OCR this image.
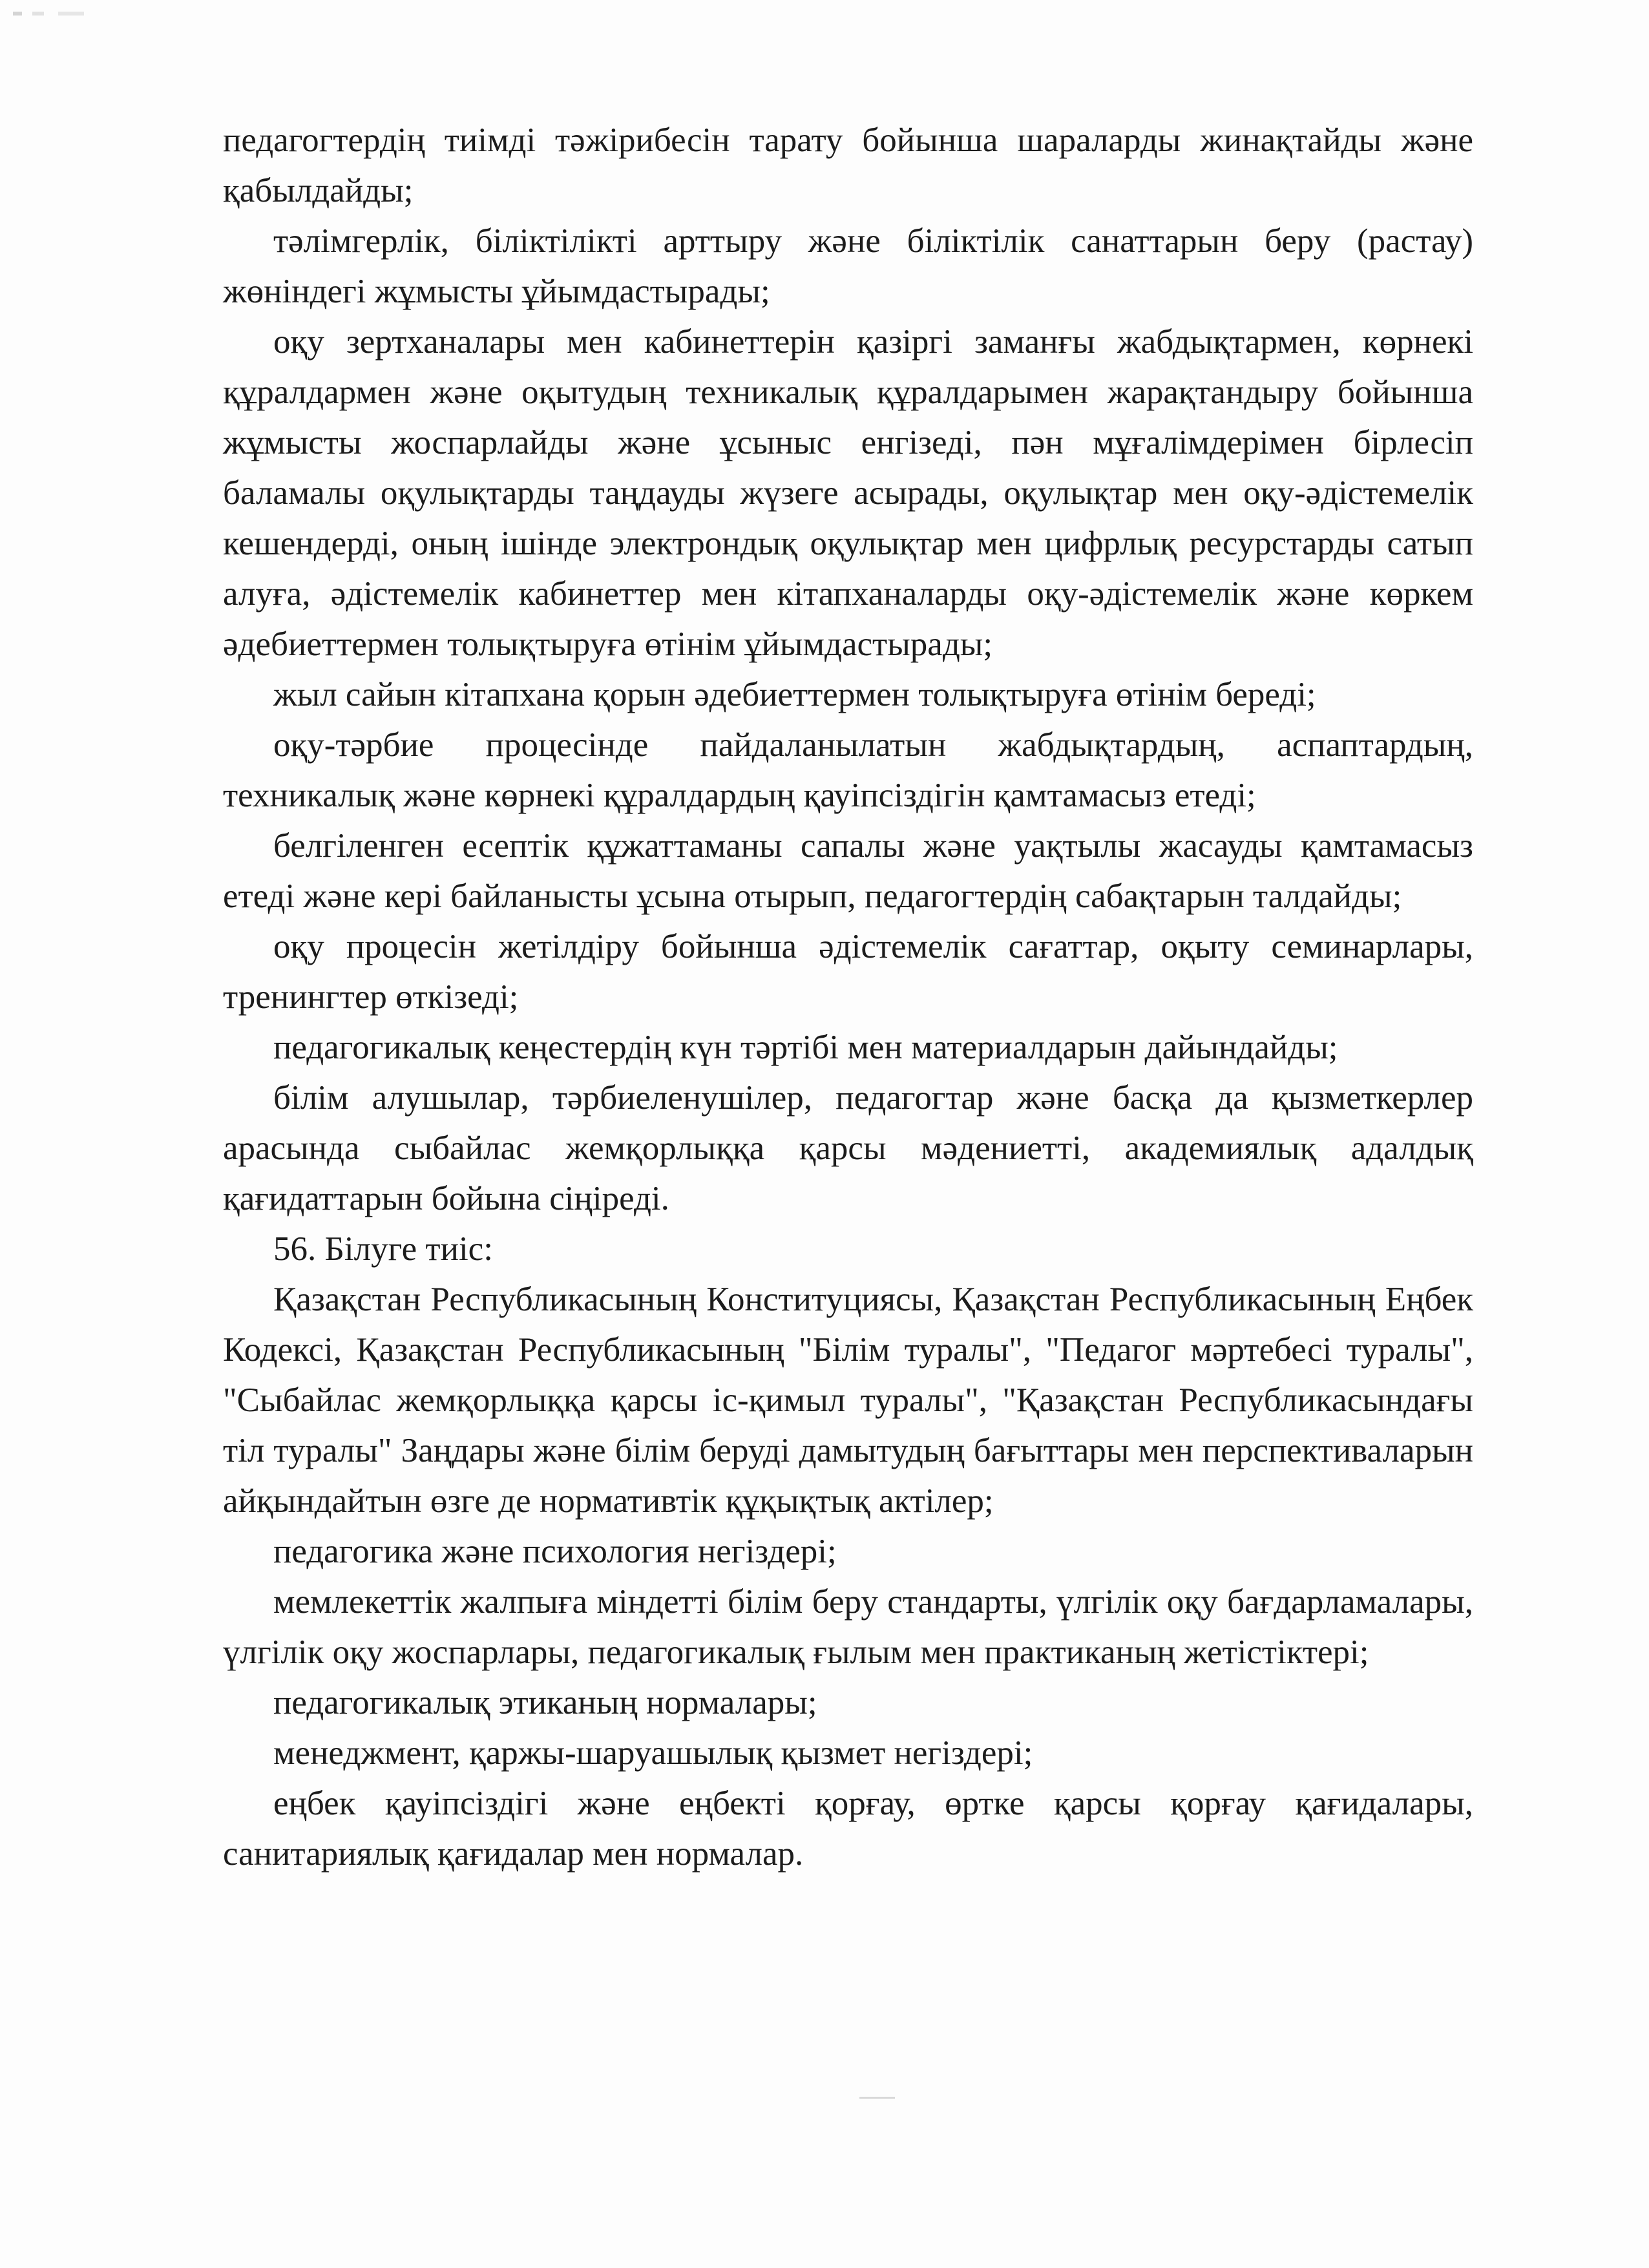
педагогтердің тиімді тәжірибесін тарату бойынша шараларды жинақтайды және қабылдайды;

тәлімгерлік, біліктілікті арттыру және біліктілік санаттарын беру (растау) жөніндегі жұмысты ұйымдастырады;

оқу зертханалары мен кабинеттерін қазіргі заманғы жабдықтармен, көрнекі құралдармен және оқытудың техникалық құралдарымен жарақтандыру бойынша жұмысты жоспарлайды және ұсыныс енгізеді, пән мұғалімдерімен бірлесіп баламалы оқулықтарды таңдауды жүзеге асырады, оқулықтар мен оқу-әдістемелік кешендерді, оның ішінде электрондық оқулықтар мен цифрлық ресурстарды сатып алуға, әдістемелік кабинеттер мен кітапханаларды оқу-әдістемелік және көркем әдебиеттермен толықтыруға өтінім ұйымдастырады;

жыл сайын кітапхана қорын әдебиеттермен толықтыруға өтінім береді;

оқу-тәрбие процесінде пайдаланылатын жабдықтардың, аспаптардың, техникалық және көрнекі құралдардың қауіпсіздігін қамтамасыз етеді;

белгіленген есептік құжаттаманы сапалы және уақтылы жасауды қамтамасыз етеді және кері байланысты ұсына отырып, педагогтердің сабақтарын талдайды;

оқу процесін жетілдіру бойынша әдістемелік сағаттар, оқыту семинарлары, тренингтер өткізеді;

педагогикалық кеңестердің күн тәртібі мен материалдарын дайындайды;

білім алушылар, тәрбиеленушілер, педагогтар және басқа да қызметкерлер арасында сыбайлас жемқорлыққа қарсы мәдениетті, академиялық адалдық қағидаттарын бойына сіңіреді.

56. Білуге тиіс:

Қазақстан Республикасының Конституциясы, Қазақстан Республикасының Еңбек Кодексі, Қазақстан Республикасының "Білім туралы", "Педагог мәртебесі туралы", "Сыбайлас жемқорлыққа қарсы іс-қимыл туралы", "Қазақстан Республикасындағы тіл туралы" Заңдары және білім беруді дамытудың бағыттары мен перспективаларын айқындайтын өзге де нормативтік құқықтық актілер;

педагогика және психология негіздері;

мемлекеттік жалпыға міндетті білім беру стандарты, үлгілік оқу бағдарламалары, үлгілік оқу жоспарлары, педагогикалық ғылым мен практиканың жетістіктері;

педагогикалық этиканың нормалары;

менеджмент, қаржы-шаруашылық қызмет негіздері;

еңбек қауіпсіздігі және еңбекті қорғау, өртке қарсы қорғау қағидалары, санитариялық қағидалар мен нормалар.
